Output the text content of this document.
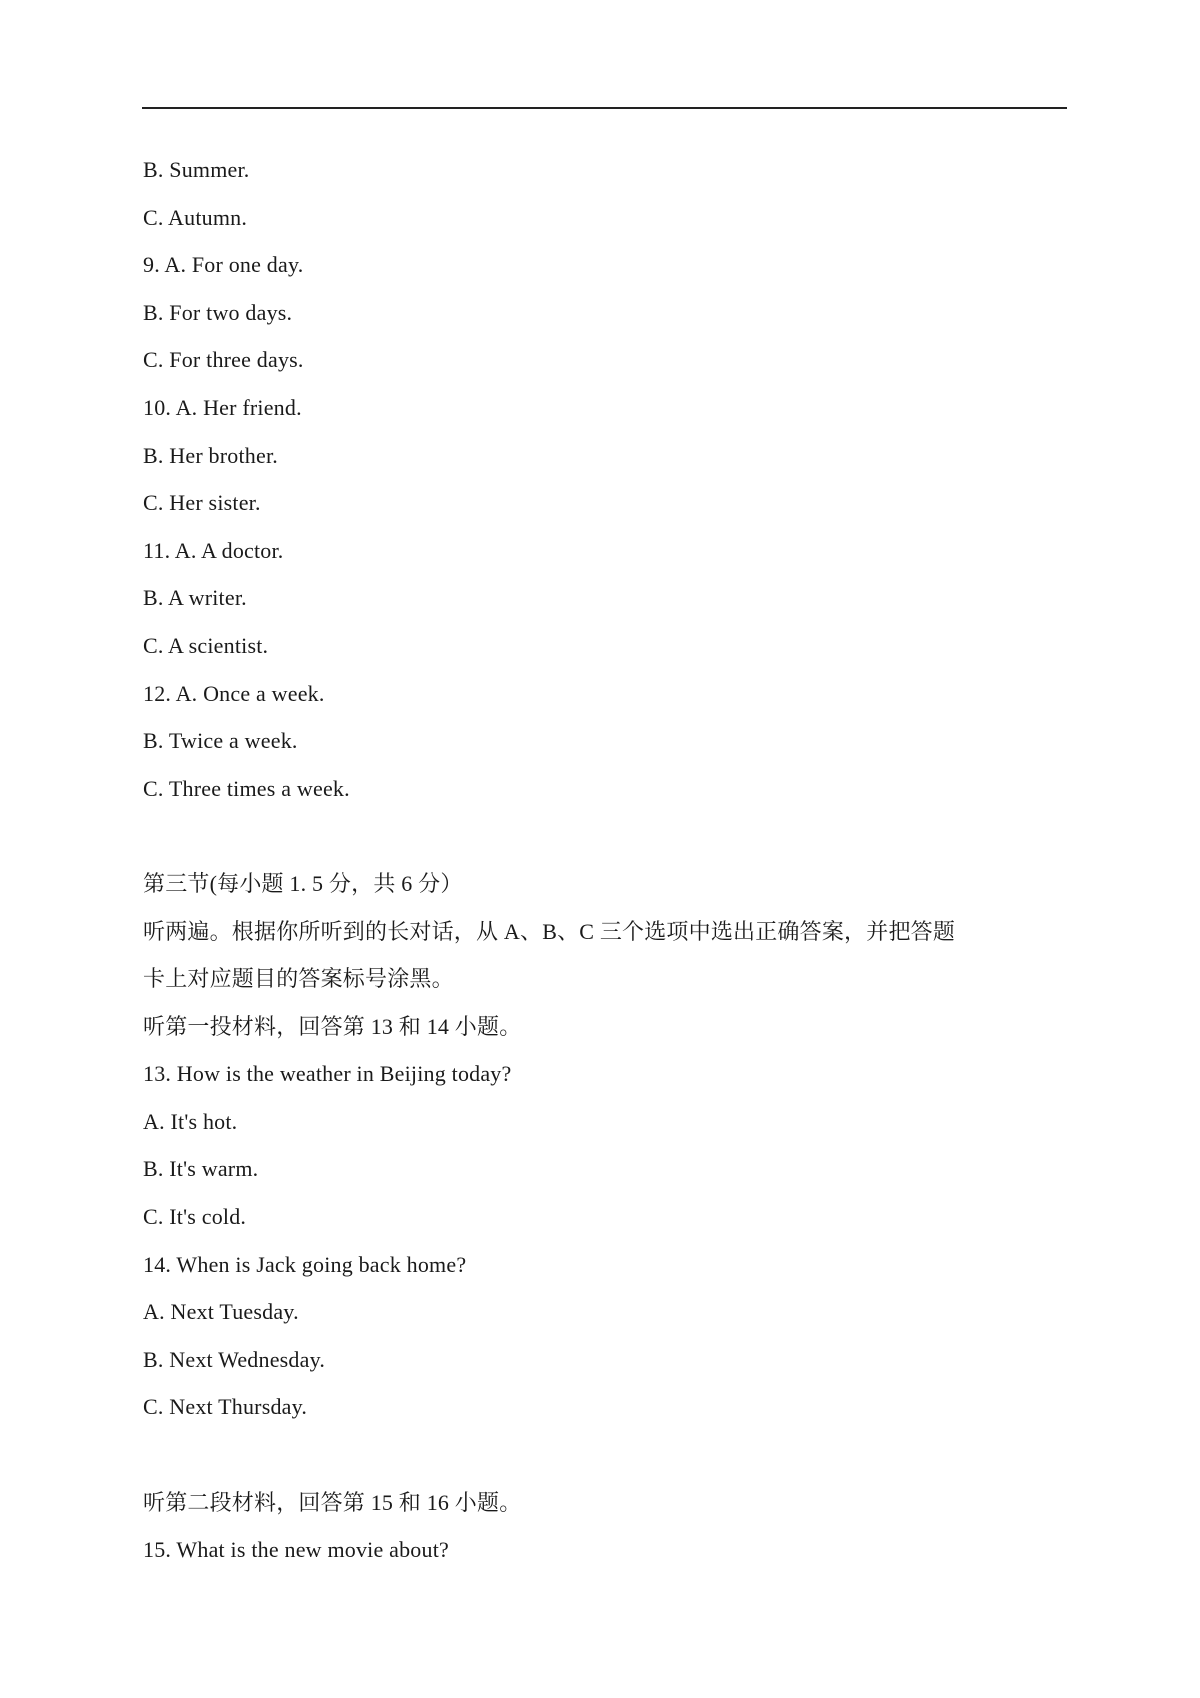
B. Summer.
C. Autumn.
9. A. For one day.
B. For two days.
C. For three days.
10. A. Her friend.
B. Her brother.
C. Her sister.
11. A. A doctor.
B. A writer.
C. A scientist.
12. A. Once a week.
B. Twice a week.
C. Three times a week.
第三节(每小题 1. 5 分，共 6 分）
听两遍。根据你所听到的长对话，从 A、B、C 三个选项中选出正确答案，并把答题
卡上对应题目的答案标号涂黑。
听第一投材料，回答第 13 和 14 小题。
13. How is the weather in Beijing today?
A. It's hot.
B. It's warm.
C. It's cold.
14. When is Jack going back home?
A. Next Tuesday.
B. Next Wednesday.
C. Next Thursday.
听第二段材料，回答第 15 和 16 小题。
15. What is the new movie about?
